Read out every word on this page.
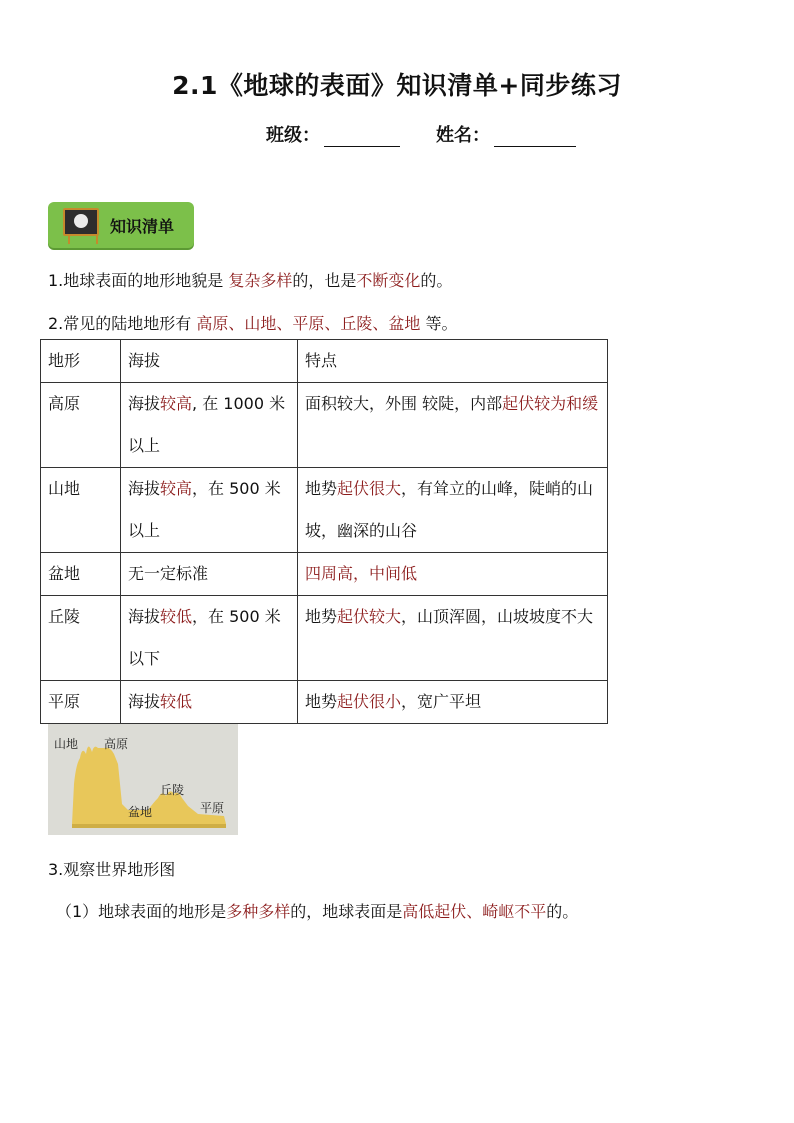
2.1《地球的表面》知识清单+同步练习
班级：	姓名：
知识清单
1.地球表面的地形地貌是 复杂多样的，也是不断变化的。
2.常见的陆地地形有 高原、山地、平原、丘陵、盆地 等。
地形	海拔	特点
高原	海拔较高, 在 1000 米以上	面积较大，外围 较陡，内部起伏较为和缓
山地	海拔较高，在 500 米以上	地势起伏很大，有耸立的山峰，陡峭的山坡，幽深的山谷
盆地	无一定标准	四周高，中间低
丘陵	海拔较低，在 500 米以下	地势起伏较大，山顶浑圆，山坡坡度不大
平原	海拔较低	地势起伏很小，宽广平坦
山地 高原
丘陵
盆地	平原
3.观察世界地形图
（1）地球表面的地形是多种多样的，地球表面是高低起伏、崎岖不平的。
